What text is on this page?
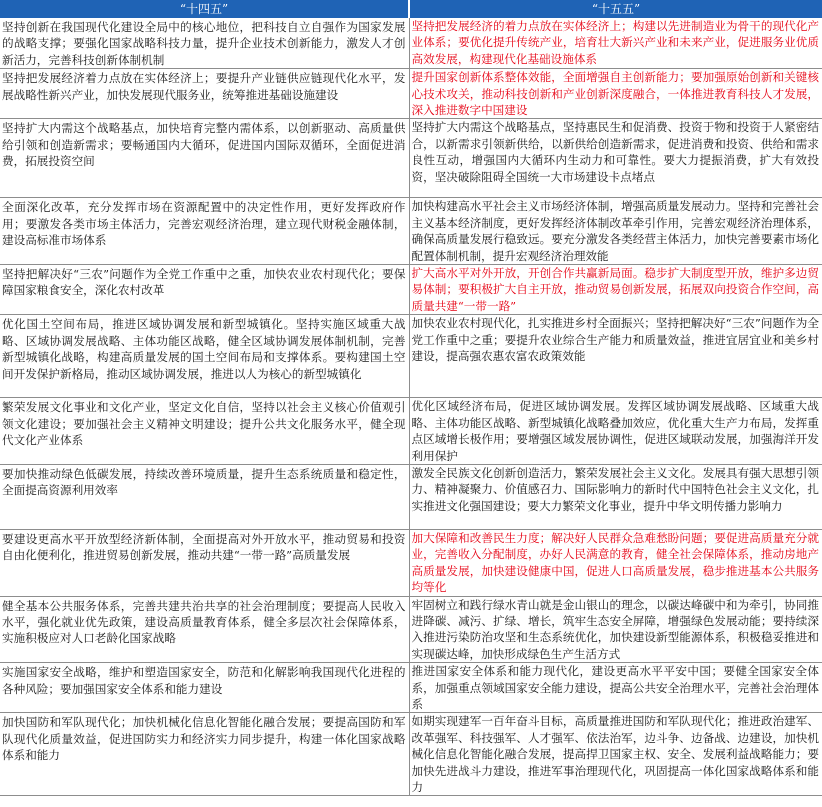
“十四五”	“十五五”
坚持创新在我国现代化建设全局中的核心地位，把科技自立自强作为国家发展的战略支撑；要强化国家战略科技力量，提升企业技术创新能力，激发人才创新活力，完善科技创新体制机制	坚持把发展经济的着力点放在实体经济上；构建以先进制造业为骨干的现代化产业体系；要优化提升传统产业，培育壮大新兴产业和未来产业，促进服务业优质高效发展，构建现代化基础设施体系
坚持把发展经济着力点放在实体经济上；要提升产业链供应链现代化水平，发展战略性新兴产业，加快发展现代服务业，统筹推进基础设施建设	提升国家创新体系整体效能，全面增强自主创新能力；要加强原始创新和关键核心技术攻关，推动科技创新和产业创新深度融合，一体推进教育科技人才发展，深入推进数字中国建设
坚持扩大内需这个战略基点，加快培育完整内需体系，以创新驱动、高质量供给引领和创造新需求；要畅通国内大循环，促进国内国际双循环，全面促进消费，拓展投资空间	坚持扩大内需这个战略基点，坚持惠民生和促消费、投资于物和投资于人紧密结合，以新需求引领新供给，以新供给创造新需求，促进消费和投资、供给和需求良性互动，增强国内大循环内生动力和可靠性。要大力提振消费，扩大有效投资，坚决破除阻碍全国统一大市场建设卡点堵点
全面深化改革，充分发挥市场在资源配置中的决定性作用，更好发挥政府作用；要激发各类市场主体活力，完善宏观经济治理，建立现代财税金融体制，建设高标准市场体系	加快构建高水平社会主义市场经济体制，增强高质量发展动力。坚持和完善社会主义基本经济制度，更好发挥经济体制改革牵引作用，完善宏观经济治理体系，确保高质量发展行稳致远。要充分激发各类经营主体活力，加快完善要素市场化配置体制机制，提升宏观经济治理效能
坚持把解决好“三农”问题作为全党工作重中之重，加快农业农村现代化；要保障国家粮食安全，深化农村改革	扩大高水平对外开放，开创合作共赢新局面。稳步扩大制度型开放，维护多边贸易体制；要积极扩大自主开放，推动贸易创新发展，拓展双向投资合作空间，高质量共建“一带一路”
优化国土空间布局，推进区域协调发展和新型城镇化。坚持实施区域重大战略、区域协调发展战略、主体功能区战略，健全区域协调发展体制机制，完善新型城镇化战略，构建高质量发展的国土空间布局和支撑体系。要构建国土空间开发保护新格局，推动区域协调发展，推进以人为核心的新型城镇化	加快农业农村现代化，扎实推进乡村全面振兴；坚持把解决好“三农”问题作为全党工作重中之重；要提升农业综合生产能力和质量效益，推进宜居宜业和美乡村建设，提高强农惠农富农政策效能
繁荣发展文化事业和文化产业，坚定文化自信，坚持以社会主义核心价值观引领文化建设；要加强社会主义精神文明建设；提升公共文化服务水平，健全现代文化产业体系	优化区域经济布局，促进区域协调发展。发挥区域协调发展战略、区域重大战略、主体功能区战略、新型城镇化战略叠加效应，优化重大生产力布局，发挥重点区域增长极作用；要增强区域发展协调性，促进区域联动发展，加强海洋开发利用保护
要加快推动绿色低碳发展，持续改善环境质量，提升生态系统质量和稳定性，全面提高资源利用效率	激发全民族文化创新创造活力，繁荣发展社会主义文化。发展具有强大思想引领力、精神凝聚力、价值感召力、国际影响力的新时代中国特色社会主义文化，扎实推进文化强国建设；要大力繁荣文化事业，提升中华文明传播力影响力
要建设更高水平开放型经济新体制，全面提高对外开放水平，推动贸易和投资自由化便利化，推进贸易创新发展，推动共建“一带一路”高质量发展	加大保障和改善民生力度；解决好人民群众急难愁盼问题；要促进高质量充分就业，完善收入分配制度，办好人民满意的教育，健全社会保障体系，推动房地产高质量发展，加快建设健康中国，促进人口高质量发展，稳步推进基本公共服务均等化
健全基本公共服务体系，完善共建共治共享的社会治理制度；要提高人民收入水平，强化就业优先政策，建设高质量教育体系，健全多层次社会保障体系，实施积极应对人口老龄化国家战略	牢固树立和践行绿水青山就是金山银山的理念，以碳达峰碳中和为牵引，协同推进降碳、减污、扩绿、增长，筑牢生态安全屏障，增强绿色发展动能；要持续深入推进污染防治攻坚和生态系统优化，加快建设新型能源体系，积极稳妥推进和实现碳达峰，加快形成绿色生产生活方式
实施国家安全战略，维护和塑造国家安全，防范和化解影响我国现代化进程的各种风险；要加强国家安全体系和能力建设	推进国家安全体系和能力现代化，建设更高水平平安中国；要健全国家安全体系，加强重点领域国家安全能力建设，提高公共安全治理水平，完善社会治理体系
加快国防和军队现代化；加快机械化信息化智能化融合发展；要提高国防和军队现代化质量效益，促进国防实力和经济实力同步提升，构建一体化国家战略体系和能力	如期实现建军一百年奋斗目标，高质量推进国防和军队现代化；推进政治建军、改革强军、科技强军、人才强军、依法治军，边斗争、边备战、边建设，加快机械化信息化智能化融合发展，提高捍卫国家主权、安全、发展利益战略能力；要加快先进战斗力建设，推进军事治理现代化，巩固提高一体化国家战略体系和能力
